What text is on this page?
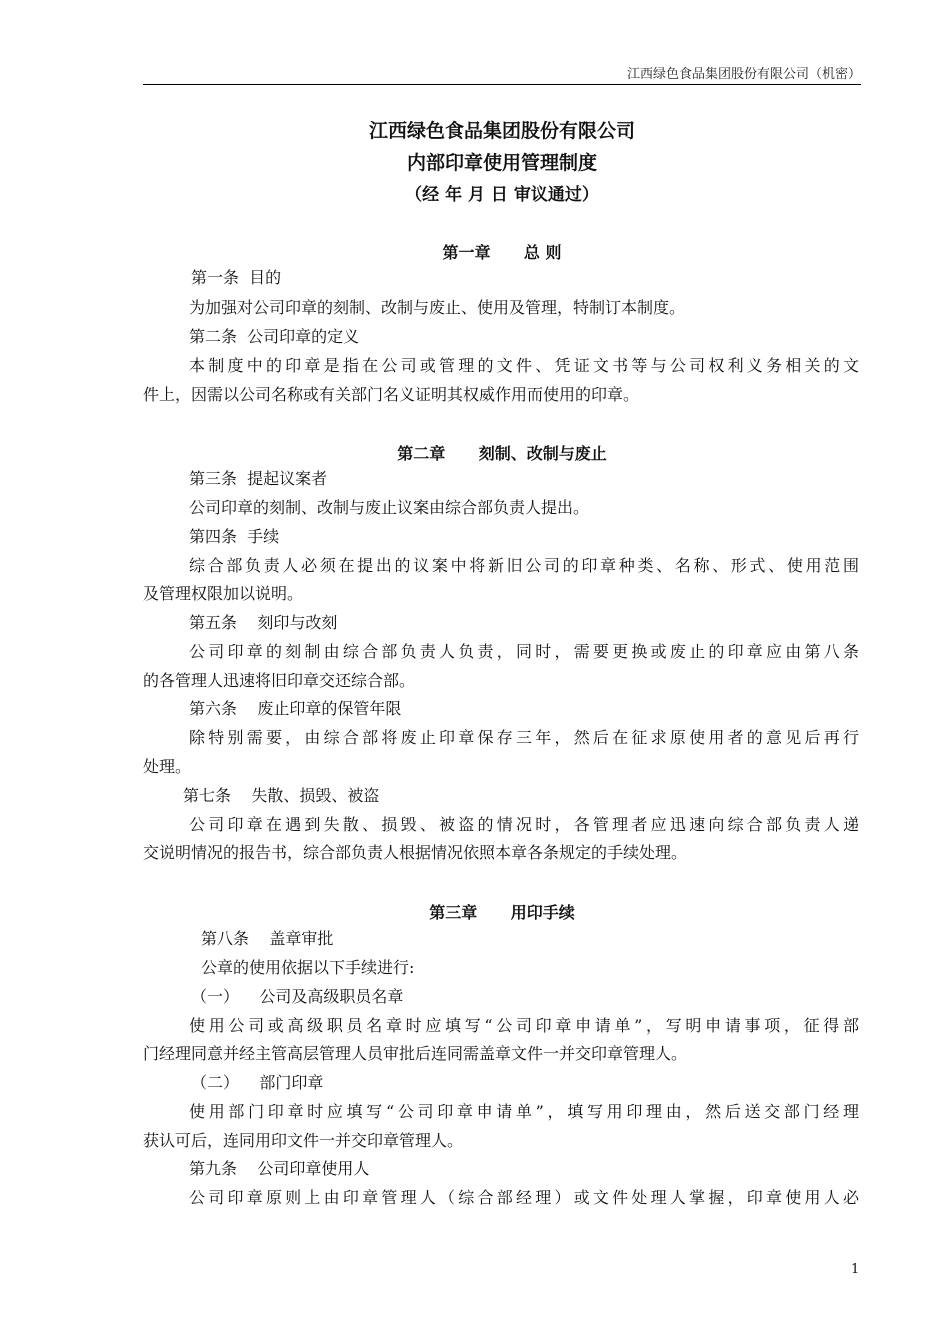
江西绿色食品集团股份有限公司（机密）
江西绿色食品集团股份有限公司
内部印章使用管理制度
（经 年 月 日 审议通过）
第一章      总 则
第一条  目的
为加强对公司印章的刻制、改制与废止、使用及管理，特制订本制度。
第二条  公司印章的定义
本制度中的印章是指在公司或管理的文件、凭证文书等与公司权利义务相关的文
件上，因需以公司名称或有关部门名义证明其权威作用而使用的印章。
第二章      刻制、改制与废止
第三条  提起议案者
公司印章的刻制、改制与废止议案由综合部负责人提出。
第四条  手续
综合部负责人必须在提出的议案中将新旧公司的印章种类、名称、形式、使用范围
及管理权限加以说明。
第五条    刻印与改刻
公司印章的刻制由综合部负责人负责，同时，需要更换或废止的印章应由第八条
的各管理人迅速将旧印章交还综合部。
第六条    废止印章的保管年限
除特别需要，由综合部将废止印章保存三年，然后在征求原使用者的意见后再行
处理。
第七条    失散、损毁、被盗
公司印章在遇到失散、损毁、被盗的情况时，各管理者应迅速向综合部负责人递
交说明情况的报告书，综合部负责人根据情况依照本章各条规定的手续处理。
第三章      用印手续
第八条    盖章审批
公章的使用依据以下手续进行:
（一）    公司及高级职员名章
使用公司或高级职员名章时应填写“公司印章申请单”，写明申请事项，征得部
门经理同意并经主管高层管理人员审批后连同需盖章文件一并交印章管理人。
（二）    部门印章
使用部门印章时应填写“公司印章申请单”，填写用印理由，然后送交部门经理
获认可后，连同用印文件一并交印章管理人。
第九条    公司印章使用人
公司印章原则上由印章管理人（综合部经理）或文件处理人掌握，印章使用人必
1
